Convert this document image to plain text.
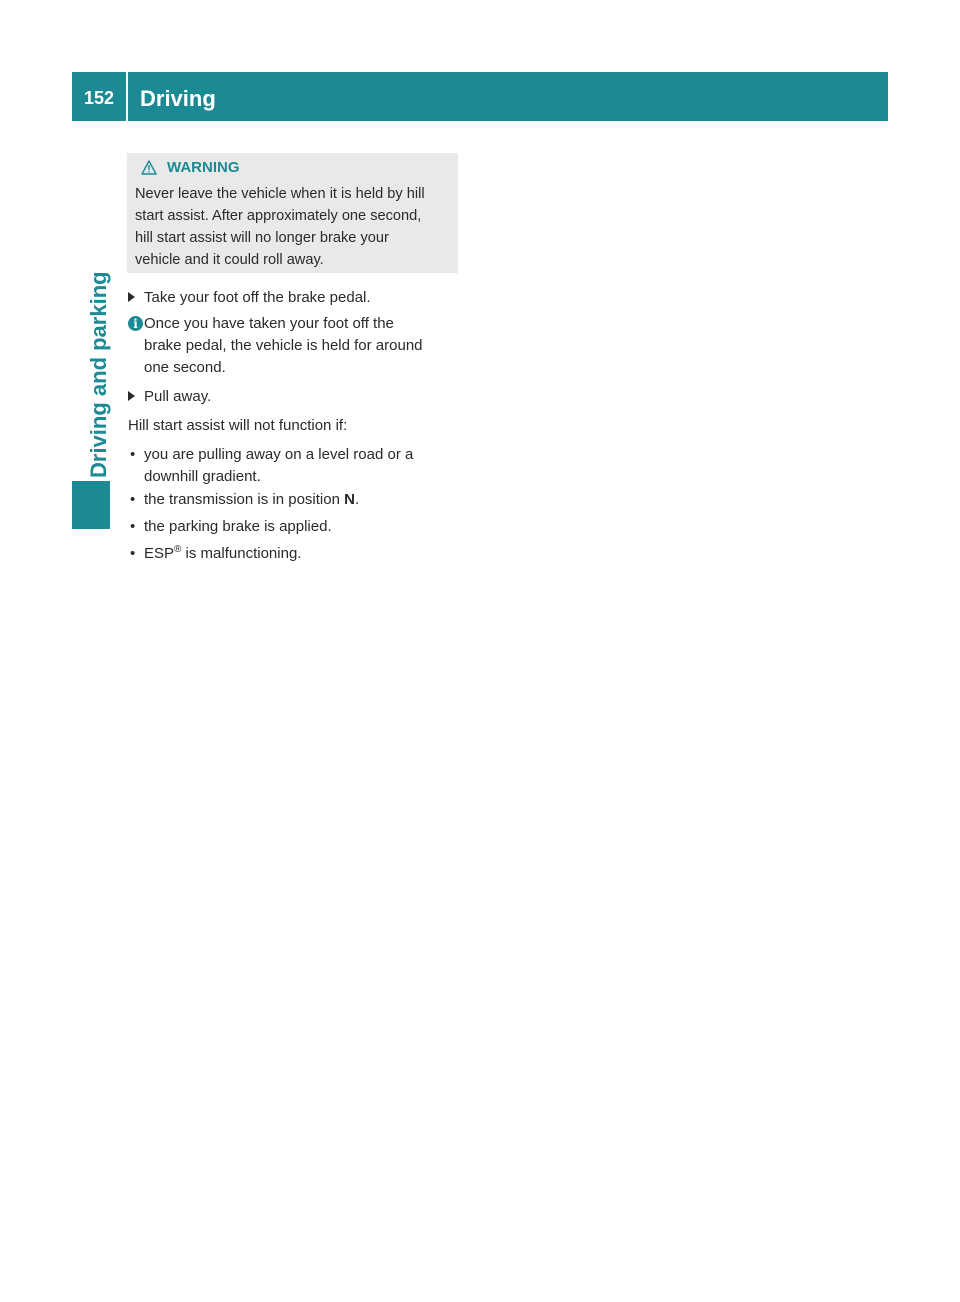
152	Driving
Driving and parking
WARNING
Never leave the vehicle when it is held by hill
start assist. After approximately one second,
hill start assist will no longer brake your
vehicle and it could roll away.
Take your foot off the brake pedal.
i Once you have taken your foot off the
brake pedal, the vehicle is held for around
one second.
Pull away.
Hill start assist will not function if:
• you are pulling away on a level road or a
downhill gradient.
• the transmission is in position N.
• the parking brake is applied.
• ESP® is malfunctioning.
